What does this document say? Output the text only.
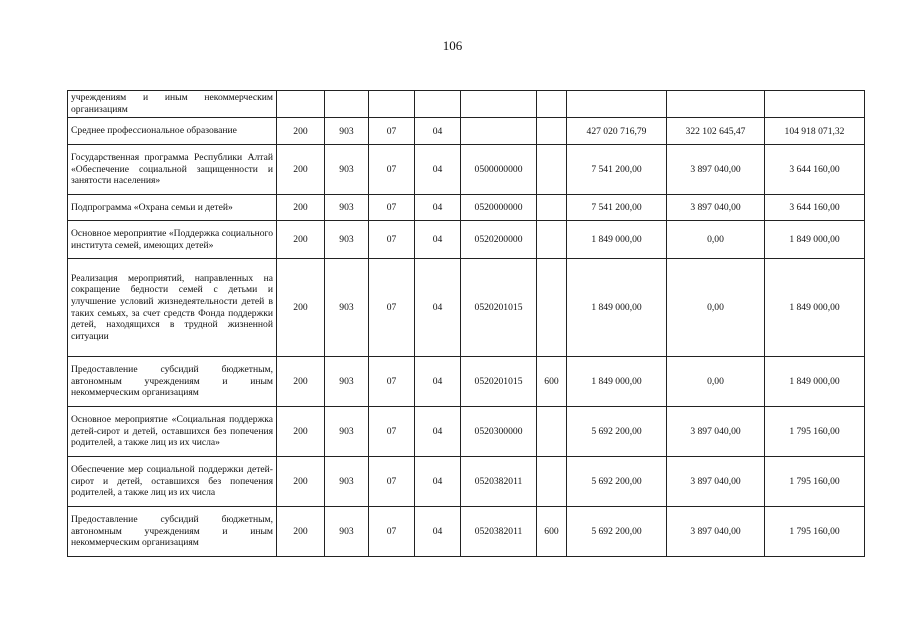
106
учреждениям и иным некоммерческим организациям									
Среднее профессиональное образование	200	903	07	04			427 020 716,79	322 102 645,47	104 918 071,32
Государственная программа Республики Алтай «Обеспечение социальной защищенности и занятости населения»	200	903	07	04	0500000000		7 541 200,00	3 897 040,00	3 644 160,00
Подпрограмма «Охрана семьи и детей»	200	903	07	04	0520000000		7 541 200,00	3 897 040,00	3 644 160,00
Основное мероприятие «Поддержка социального института семей, имеющих детей»	200	903	07	04	0520200000		1 849 000,00	0,00	1 849 000,00
Реализация мероприятий, направленных на сокращение бедности семей с детьми и улучшение условий жизнедеятельности детей в таких семьях, за счет средств Фонда поддержки детей, находящихся в трудной жизненной ситуации	200	903	07	04	0520201015		1 849 000,00	0,00	1 849 000,00
Предоставление субсидий бюджетным, автономным учреждениям и иным некоммерческим организациям	200	903	07	04	0520201015	600	1 849 000,00	0,00	1 849 000,00
Основное мероприятие «Социальная поддержка детей-сирот и детей, оставшихся без попечения родителей, а также лиц из их числа»	200	903	07	04	0520300000		5 692 200,00	3 897 040,00	1 795 160,00
Обеспечение мер социальной поддержки детей-сирот и детей, оставшихся без попечения родителей, а также лиц из их числа	200	903	07	04	0520382011		5 692 200,00	3 897 040,00	1 795 160,00
Предоставление субсидий бюджетным, автономным учреждениям и иным некоммерческим организациям	200	903	07	04	0520382011	600	5 692 200,00	3 897 040,00	1 795 160,00
